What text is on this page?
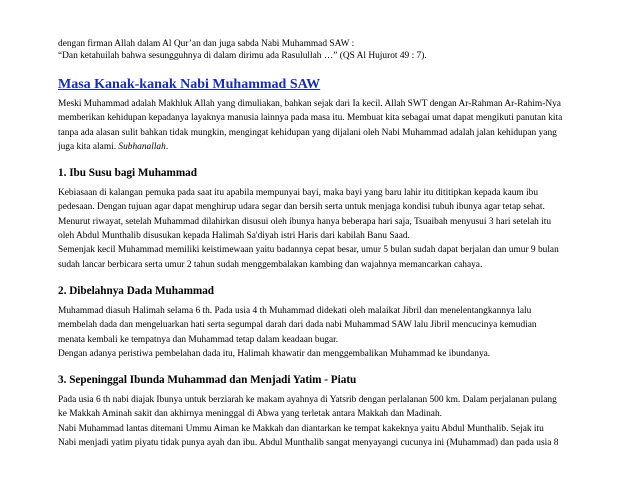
dengan firman Allah dalam Al Qur’an dan juga sabda Nabi Muhammad SAW :

“Dan ketahuilah bahwa sesungguhnya di dalam dirimu ada Rasulullah …” (QS Al Hujurot 49 : 7).

Masa Kanak-kanak Nabi Muhammad SAW
Meski Muhammad adalah Makhluk Allah yang dimuliakan, bahkan sejak dari Ia kecil. Allah SWT dengan Ar-Rahman Ar-Rahim-Nya
memberikan kehidupan kepadanya layaknya manusia lainnya pada masa itu. Membuat kita sebagai umat dapat mengikuti panutan kita
tanpa ada alasan sulit bahkan tidak mungkin, mengingat kehidupan yang dijalani oleh Nabi Muhammad adalah jalan kehidupan yang
juga kita alami. Subhanallah.
1. Ibu Susu bagi Muhammad
Kebiasaan di kalangan pemuka pada saat itu apabila mempunyai bayi, maka bayi yang baru lahir itu dititipkan kepada kaum ibu
pedesaan. Dengan tujuan agar dapat menghirup udara segar dan bersih serta untuk menjaga kondisi tubuh ibunya agar tetap sehat.
Menurut riwayat, setelah Muhammad dilahirkan disusui oleh ibunya hanya beberapa hari saja, Tsuaibah menyusui 3 hari setelah itu
oleh Abdul Munthalib disusukan kepada Halimah Sa'diyah istri Haris dari kabilah Banu Saad.
Semenjak kecil Muhammad memiliki keistimewaan yaitu badannya cepat besar, umur 5 bulan sudah dapat berjalan dan umur 9 bulan
sudah lancar berbicara serta umur 2 tahun sudah menggembalakan kambing dan wajahnya memancarkan cahaya.
2. Dibelahnya Dada Muhammad
Muhammad diasuh Halimah selama 6 th. Pada usia 4 th Muhammad didekati oleh malaikat Jibril dan menelentangkannya lalu
membelah dada dan mengeluarkan hati serta segumpal darah dari dada nabi Muhammad SAW lalu Jibril mencucinya kemudian
menata kembali ke tempatnya dan Muhammad tetap dalam keadaan bugar.
Dengan adanya peristiwa pembelahan dada itu, Halimah khawatir dan menggembalikan Muhammad ke ibundanya.
3. Sepeninggal Ibunda Muhammad dan Menjadi Yatim - Piatu
Pada usia 6 th nabi diajak Ibunya untuk berziarah ke makam ayahnya di Yatsrib dengan perlalanan 500 km. Dalam perjalanan pulang
ke Makkah Aminah sakit dan akhirnya meninggal di Abwa yang terletak antara Makkah dan Madinah.
Nabi Muhammad lantas ditemani Ummu Aiman ke Makkah dan diantarkan ke tempat kakeknya yaitu Abdul Munthalib. Sejak itu
Nabi menjadi yatim piyatu tidak punya ayah dan ibu. Abdul Munthalib sangat menyayangi cucunya ini (Muhammad) dan pada usia 8
